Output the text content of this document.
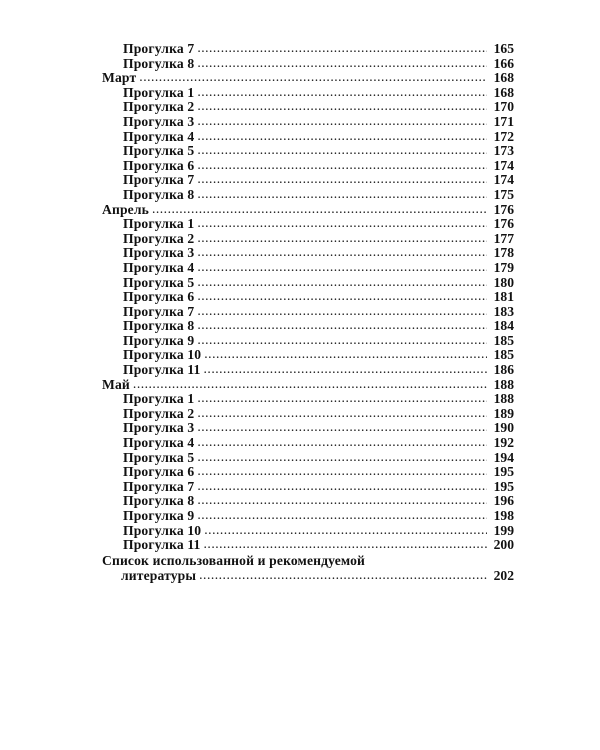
Прогулка 7 .....	165
Прогулка 8 .....	166
Март .....	168
Прогулка 1 .....	168
Прогулка 2 .....	170
Прогулка 3 .....	171
Прогулка 4 .....	172
Прогулка 5 .....	173
Прогулка 6 .....	174
Прогулка 7 .....	174
Прогулка 8 .....	175
Апрель .....	176
Прогулка 1 .....	176
Прогулка 2 .....	177
Прогулка 3 .....	178
Прогулка 4 .....	179
Прогулка 5 .....	180
Прогулка 6 .....	181
Прогулка 7 .....	183
Прогулка 8 .....	184
Прогулка 9 .....	185
Прогулка 10 .....	185
Прогулка 11 .....	186
Май .....	188
Прогулка 1 .....	188
Прогулка 2 .....	189
Прогулка 3 .....	190
Прогулка 4 .....	192
Прогулка 5 .....	194
Прогулка 6 .....	195
Прогулка 7 .....	195
Прогулка 8 .....	196
Прогулка 9 .....	198
Прогулка 10 .....	199
Прогулка 11 .....	200
Список использованной и рекомендуемой
литературы .....	202
